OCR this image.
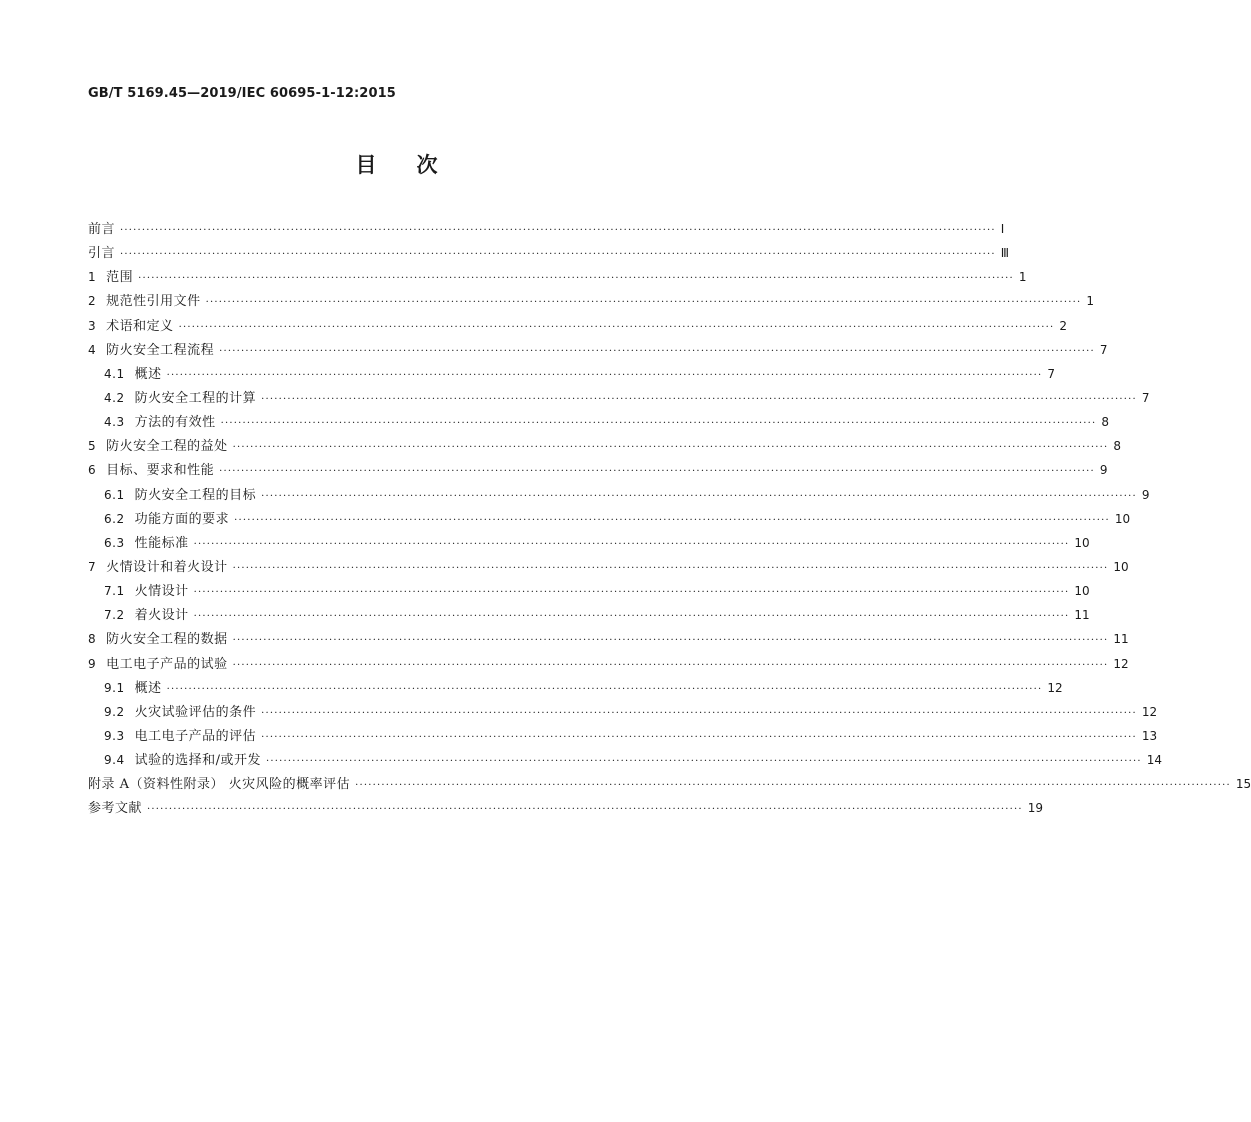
GB/T 5169.45—2019/IEC 60695-1-12:2015
目次
前言 ········································································································································································································ Ⅰ
引言 ········································································································································································································ Ⅲ
1 范围 ········································································································································································································ 1
2 规范性引用文件 ········································································································································································································ 1
3 术语和定义 ········································································································································································································ 2
4 防火安全工程流程 ········································································································································································································ 7
4.1 概述 ········································································································································································································ 7
4.2 防火安全工程的计算 ········································································································································································································ 7
4.3 方法的有效性 ········································································································································································································ 8
5 防火安全工程的益处 ········································································································································································································ 8
6 目标、要求和性能 ········································································································································································································ 9
6.1 防火安全工程的目标 ········································································································································································································ 9
6.2 功能方面的要求 ········································································································································································································ 10
6.3 性能标准 ········································································································································································································ 10
7 火情设计和着火设计 ········································································································································································································ 10
7.1 火情设计 ········································································································································································································ 10
7.2 着火设计 ········································································································································································································ 11
8 防火安全工程的数据 ········································································································································································································ 11
9 电工电子产品的试验 ········································································································································································································ 12
9.1 概述 ········································································································································································································ 12
9.2 火灾试验评估的条件 ········································································································································································································ 12
9.3 电工电子产品的评估 ········································································································································································································ 13
9.4 试验的选择和/或开发 ········································································································································································································ 14
附录 A（资料性附录） 火灾风险的概率评估 ········································································································································································································ 15
参考文献 ········································································································································································································ 19
